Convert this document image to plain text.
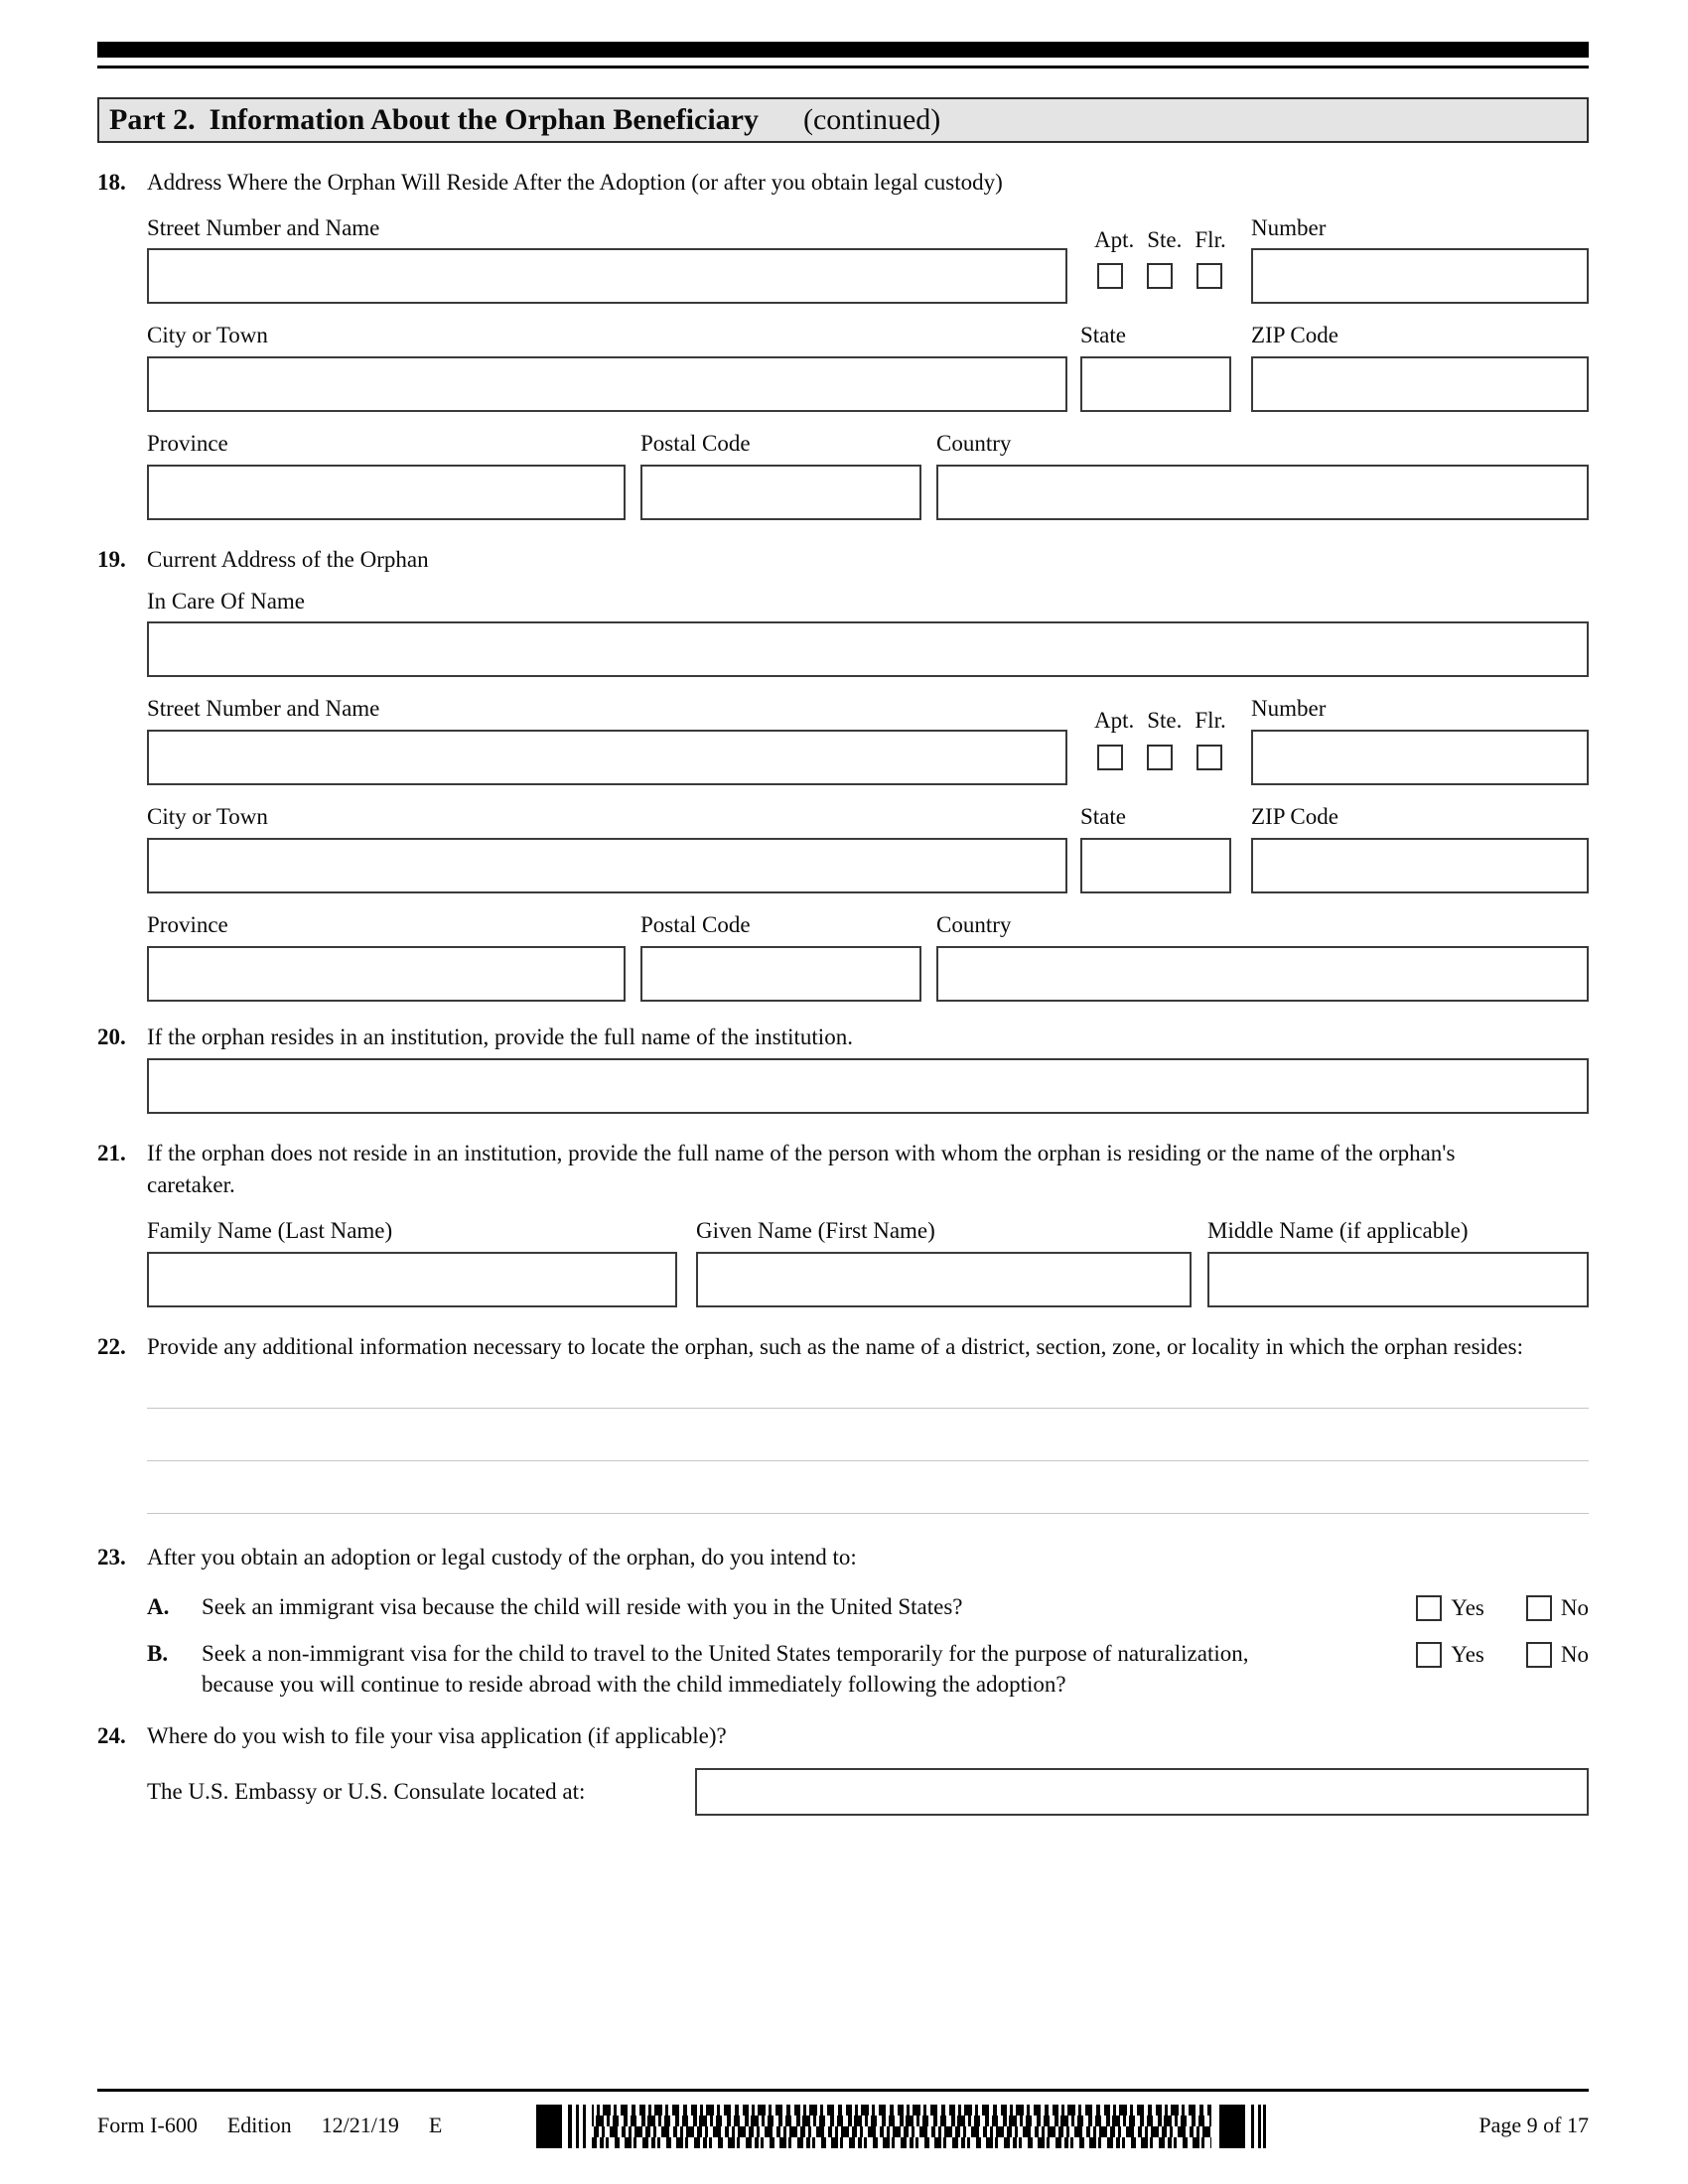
Part 2. Information About the Orphan Beneficiary

(continued)
18. Address Where the Orphan Will Reside After the Adoption (or after you obtain legal custody)
Street Number and Name	Apt. Ste. Flr. Number
City or Town	State	ZIP Code
Province	Postal Code	Country
19. Current Address of the Orphan
In Care Of Name
Street Number and Name	Apt. Ste. Flr. Number
City or Town	State	ZIP Code
Province	Postal Code	Country
20. If the orphan resides in an institution, provide the full name of the institution.
21. If the orphan does not reside in an institution, provide the full name of the person with whom the orphan is residing or the name of the orphan's caretaker.
Family Name (Last Name)	Given Name (First Name)	Middle Name (if applicable)
22. Provide any additional information necessary to locate the orphan, such as the name of a district, section, zone, or locality in which the orphan resides:
23. After you obtain an adoption or legal custody of the orphan, do you intend to:
A.	Seek an immigrant visa because the child will reside with you in the United States?	Yes	No
B.	Seek a non-immigrant visa for the child to travel to the United States temporarily for the purpose of naturalization, because you will continue to reside abroad with the child immediately following the adoption?
Yes	No
24. Where do you wish to file your visa application (if applicable)?
The U.S. Embassy or U.S. Consulate located at:
Form I-600 Edition 12/21/19 E	Page 9 of 17
